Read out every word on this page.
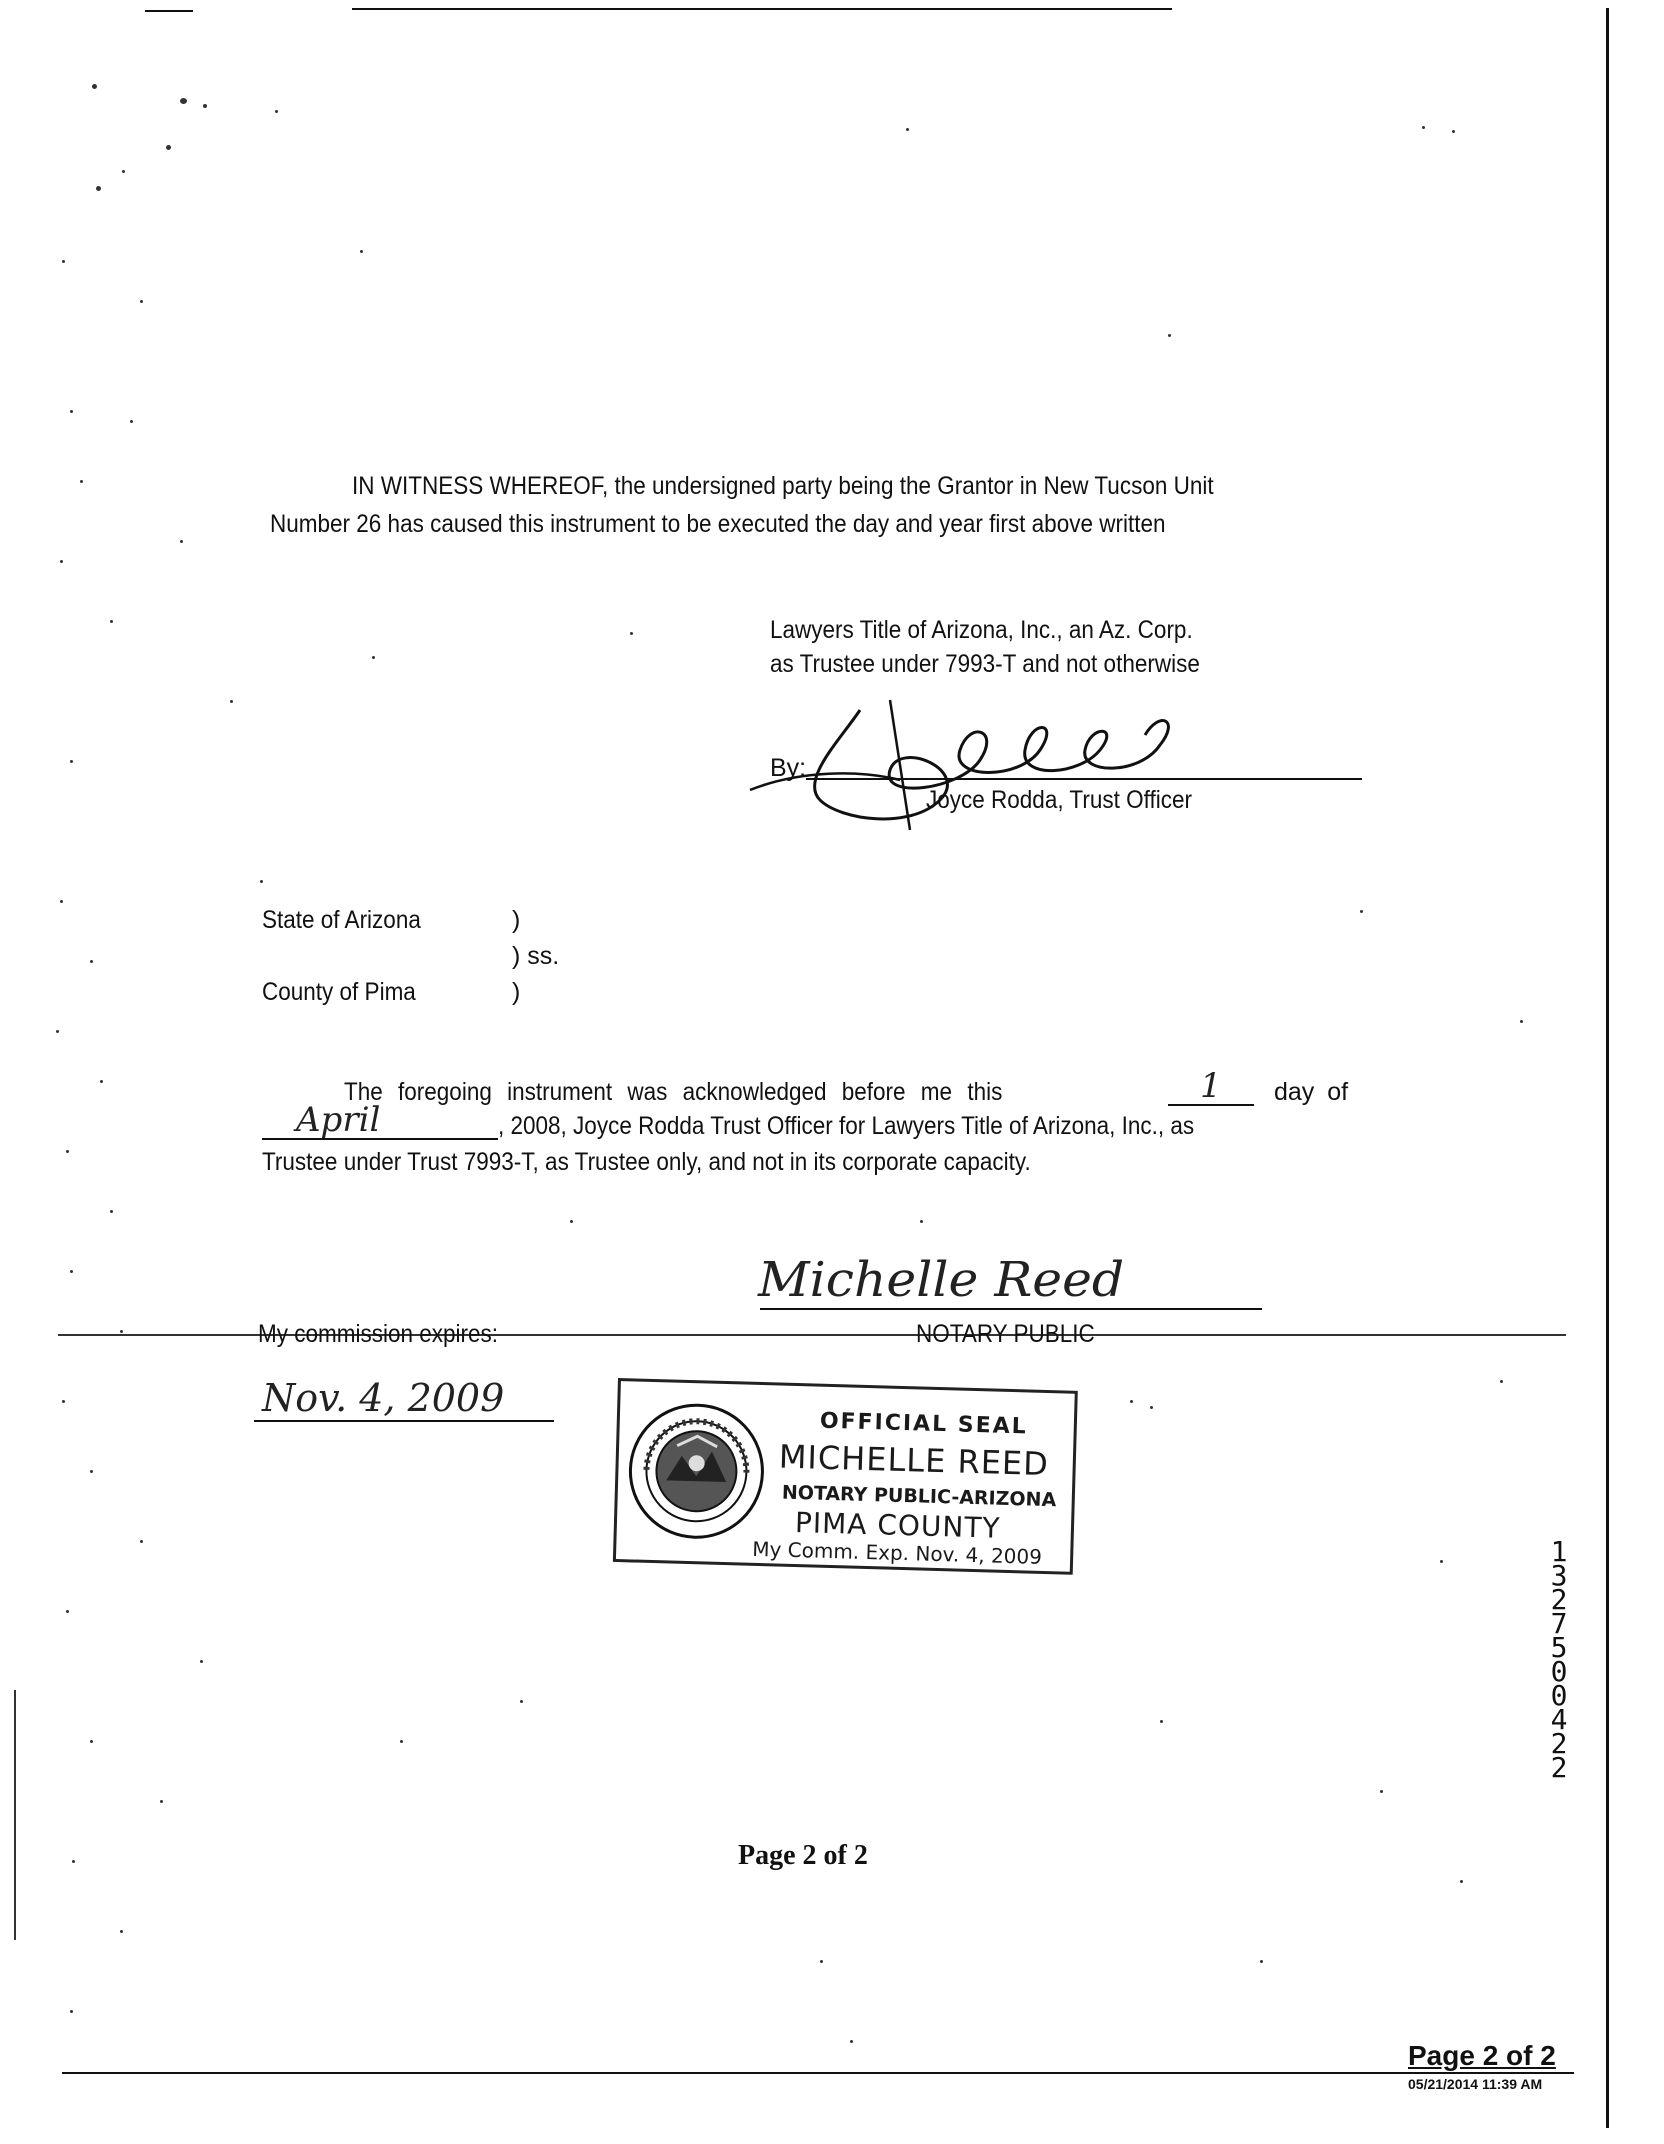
IN WITNESS WHEREOF, the undersigned party being the Grantor in New Tucson Unit
Number 26 has caused this instrument to be executed the day and year first above written
Lawyers Title of Arizona, Inc., an Az. Corp.
as Trustee under 7993-T and not otherwise
By:
Joyce Rodda, Trust Officer
State of Arizona	)
) ss.
County of Pima	)
The foregoing instrument was acknowledged before me this	1 day of
April	, 2008, Joyce Rodda Trust Officer for Lawyers Title of Arizona, Inc., as
Trustee under Trust 7993-T, as Trustee only, and not in its corporate capacity.
Michelle Reed
My commission expires:	NOTARY PUBLIC
Nov. 4, 2009
OFFICIAL SEAL
MICHELLE REED
NOTARY PUBLIC-ARIZONA
PIMA COUNTY
My Comm. Exp. Nov. 4, 2009	13275 00422
Page 2 of 2
Page 2 of 2
05/21/2014 11:39 AM
